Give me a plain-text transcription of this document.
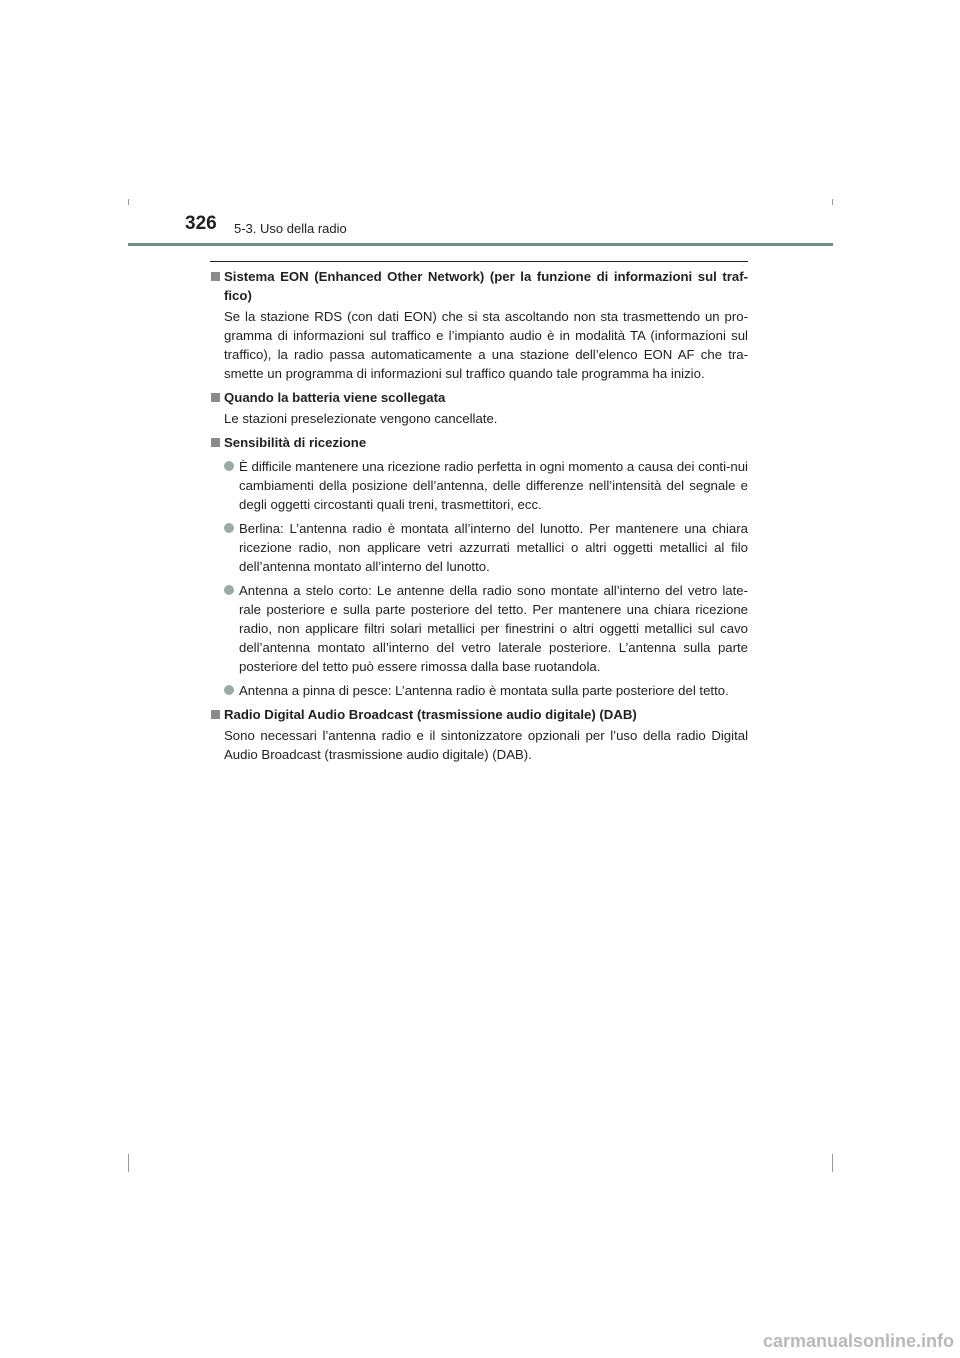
326 5-3. Uso della radio
Sistema EON (Enhanced Other Network) (per la funzione di informazioni sul traf-fico)
Se la stazione RDS (con dati EON) che si sta ascoltando non sta trasmettendo un pro-gramma di informazioni sul traffico e l’impianto audio è in modalità TA (informazioni sul traffico), la radio passa automaticamente a una stazione dell’elenco EON AF che tra-smette un programma di informazioni sul traffico quando tale programma ha inizio.
Quando la batteria viene scollegata
Le stazioni preselezionate vengono cancellate.
Sensibilità di ricezione
È difficile mantenere una ricezione radio perfetta in ogni momento a causa dei conti-nui cambiamenti della posizione dell’antenna, delle differenze nell’intensità del segnale e degli oggetti circostanti quali treni, trasmettitori, ecc.
Berlina: L’antenna radio è montata all’interno del lunotto. Per mantenere una chiara ricezione radio, non applicare vetri azzurrati metallici o altri oggetti metallici al filo dell’antenna montato all’interno del lunotto.
Antenna a stelo corto: Le antenne della radio sono montate all’interno del vetro late-rale posteriore e sulla parte posteriore del tetto. Per mantenere una chiara ricezione radio, non applicare filtri solari metallici per finestrini o altri oggetti metallici sul cavo dell’antenna montato all’interno del vetro laterale posteriore. L’antenna sulla parte posteriore del tetto può essere rimossa dalla base ruotandola.
Antenna a pinna di pesce: L’antenna radio è montata sulla parte posteriore del tetto.
Radio Digital Audio Broadcast (trasmissione audio digitale) (DAB)
Sono necessari l’antenna radio e il sintonizzatore opzionali per l’uso della radio Digital Audio Broadcast (trasmissione audio digitale) (DAB).
carmanualsonline.info
